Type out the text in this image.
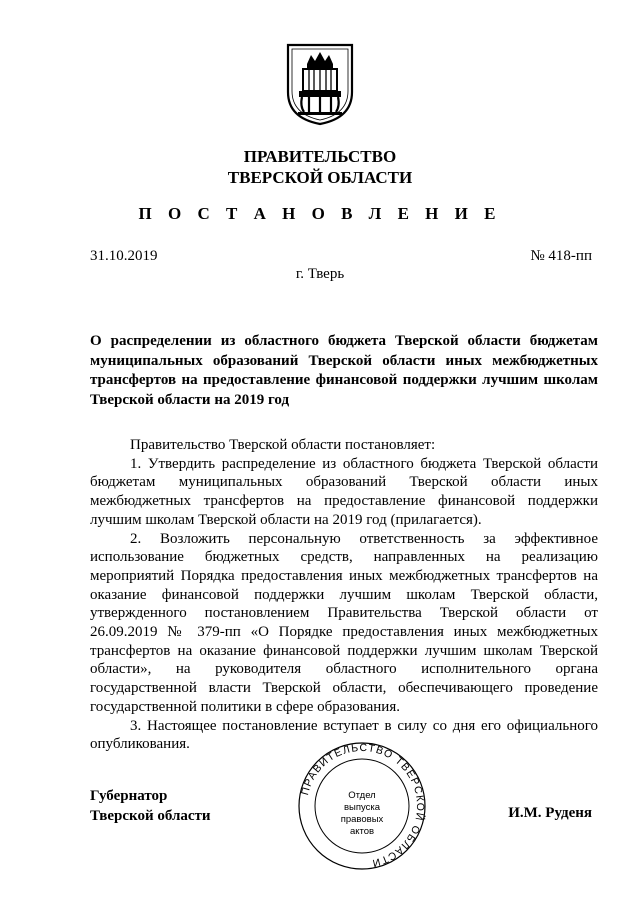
ПРАВИТЕЛЬСТВО
ТВЕРСКОЙ ОБЛАСТИ
П О С Т А Н О В Л Е Н И Е
31.10.2019	№ 418-пп
г. Тверь
О распределении из областного бюджета Тверской области бюджетам муниципальных образований Тверской области иных межбюджетных трансфертов на предоставление финансовой поддержки лучшим школам Тверской области на 2019 год

Правительство Тверской области постановляет:

1. Утвердить распределение из областного бюджета Тверской области бюджетам муниципальных образований Тверской области иных межбюджетных трансфертов на предоставление финансовой поддержки лучшим школам Тверской области на 2019 год (прилагается).

2. Возложить персональную ответственность за эффективное использование бюджетных средств, направленных на реализацию мероприятий Порядка предоставления иных межбюджетных трансфертов на оказание финансовой поддержки лучшим школам Тверской области, утвержденного постановлением Правительства Тверской области от 26.09.2019 № 379-пп «О Порядке предоставления иных межбюджетных трансфертов на оказание финансовой поддержки лучшим школам Тверской области», на руководителя областного исполнительного органа государственной власти Тверской области, обеспечивающего проведение государственной политики в сфере образования.

3. Настоящее постановление вступает в силу со дня его официального опубликования.

Губернатор
Тверской области	И.М. Руденя
ПРАВИТЕЛЬСТВО ТВЕРСКОЙ ОБЛАСТИ
Отдел
выпуска
правовых
актов
